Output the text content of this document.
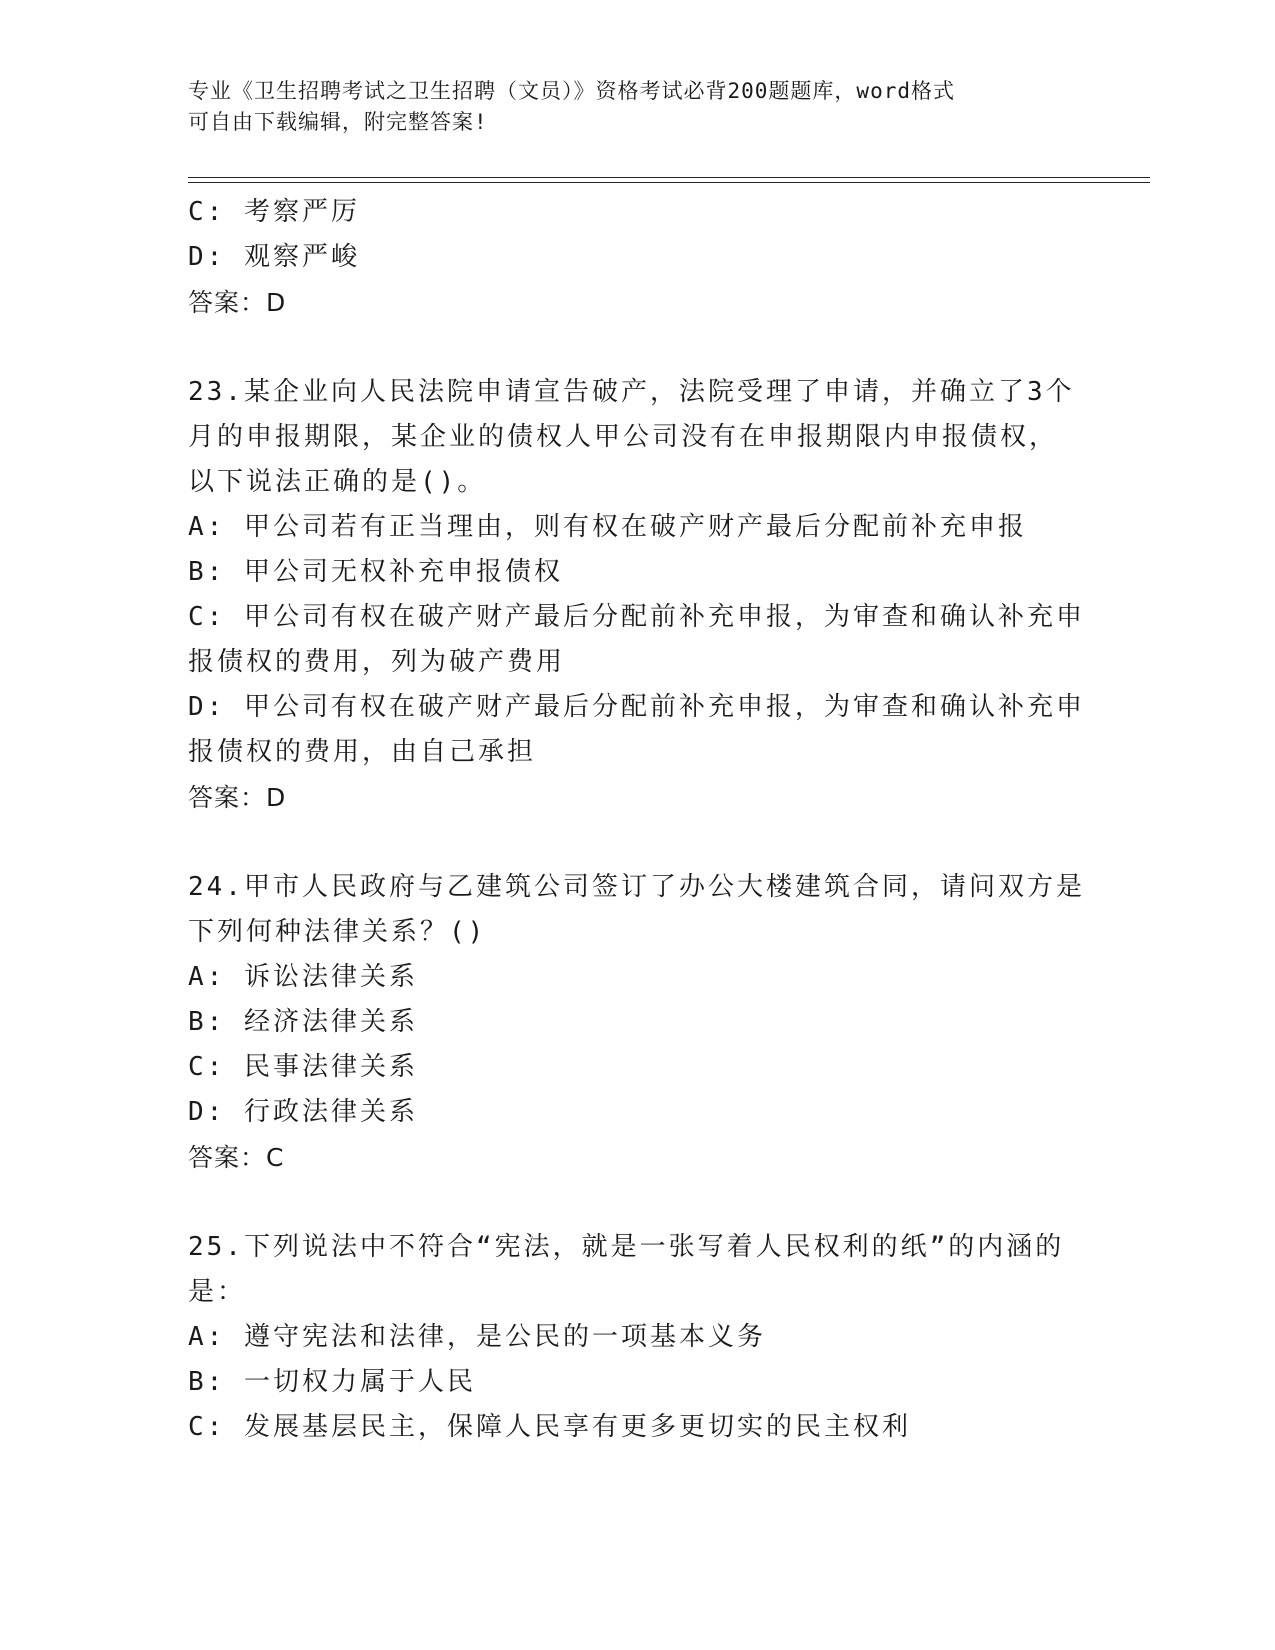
专业《卫生招聘考试之卫生招聘（文员）》资格考试必背200题题库，word格式
可自由下载编辑，附完整答案!
C: 考察严厉
D: 观察严峻
答案：D
23.某企业向人民法院申请宣告破产，法院受理了申请，并确立了3个
月的申报期限，某企业的债权人甲公司没有在申报期限内申报债权，
以下说法正确的是()。
A: 甲公司若有正当理由，则有权在破产财产最后分配前补充申报
B: 甲公司无权补充申报债权
C: 甲公司有权在破产财产最后分配前补充申报，为审查和确认补充申
报债权的费用，列为破产费用
D: 甲公司有权在破产财产最后分配前补充申报，为审查和确认补充申
报债权的费用，由自己承担
答案：D
24.甲市人民政府与乙建筑公司签订了办公大楼建筑合同，请问双方是
下列何种法律关系？()
A: 诉讼法律关系
B: 经济法律关系
C: 民事法律关系
D: 行政法律关系
答案：C
25.下列说法中不符合“宪法，就是一张写着人民权利的纸”的内涵的
是：
A: 遵守宪法和法律，是公民的一项基本义务
B: 一切权力属于人民
C: 发展基层民主，保障人民享有更多更切实的民主权利
